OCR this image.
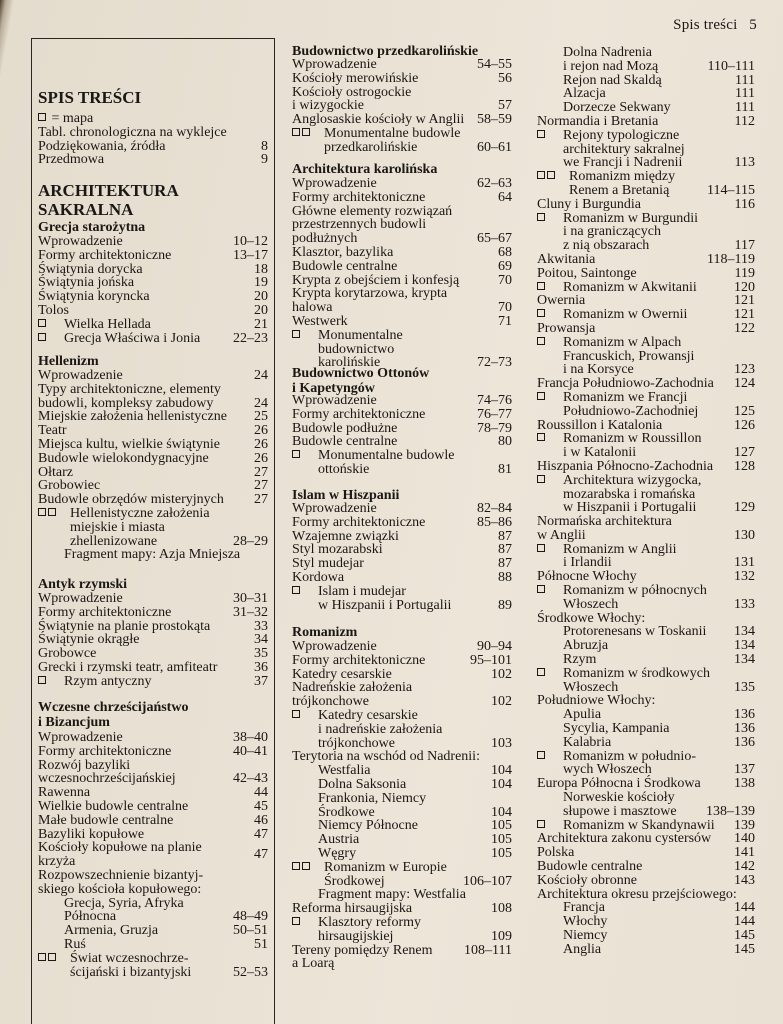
Spis treści 5
SPIS TREŚCI
= mapa
Tabl. chronologiczna na wyklejce
Podziękowania, źródła	8
Przedmowa	9
ARCHITEKTURA
SAKRALNA
Grecja starożytna
Wprowadzenie	10–12
Formy architektoniczne	13–17
Świątynia dorycka	18
Świątynia jońska	19
Świątynia koryncka	20
Tolos	20
Wielka Hellada	21
Grecja Właściwa i Jonia 22–23
Hellenizm
Wprowadzenie	24
Typy architektoniczne, elementy
budowli, kompleksy zabudowy	24
Miejskie założenia hellenistyczne 25
Teatr	26
Miejsca kultu, wielkie świątynie 26
Budowle wielokondygnacyjne	26
Ołtarz	27
Grobowiec	27
Budowle obrzędów misteryjnych 27
Hellenistyczne założenia
miejskie i miasta
zhellenizowane	28–29
Fragment mapy: Azja Mniejsza
Antyk rzymski
Wprowadzenie	30–31
Formy architektoniczne	31–32
Świątynie na planie prostokąta	33
Świątynie okrągłe	34
Grobowce	35
Grecki i rzymski teatr, amfiteatr	36
Rzym antyczny	37
Wczesne chrześcijaństwo
i Bizancjum
Wprowadzenie	38–40
Formy architektoniczne	40–41
Rozwój bazyliki
wczesnochrześcijańskiej	42–43
Rawenna	44
Wielkie budowle centralne	45
Małe budowle centralne	46
Bazyliki kopułowe	47
Kościoły kopułowe na planie
krzyża	47
Rozpowszechnienie bizantyj-
skiego kościoła kopułowego:
Grecja, Syria, Afryka
Północna	48–49
Armenia, Gruzja	50–51
Ruś	51
Świat wczesnochrze-
ścijański i bizantyjski	52–53
Budownictwo przedkarolińskie
Wprowadzenie	54–55
Kościoły merowińskie	56
Kościoły ostrogockie
i wizygockie	57
Anglosaskie kościoły w Anglii 58–59
Monumentalne budowle
przedkarolińskie	60–61
Architektura karolińska
Wprowadzenie	62–63
Formy architektoniczne	64
Główne elementy rozwiązań
przestrzennych budowli
podłużnych	65–67
Klasztor, bazylika	68
Budowle centralne	69
Krypta z obejściem i konfesją	70
Krypta korytarzowa, krypta
halowa	70
Westwerk	71
Monumentalne budownictwo
karolińskie	72–73
Budownictwo Ottonów
i Kapetyngów
Wprowadzenie	74–76
Formy architektoniczne	76–77
Budowle podłużne	78–79
Budowle centralne	80
Monumentalne budowle
ottońskie	81
Islam w Hiszpanii
Wprowadzenie	82–84
Formy architektoniczne	85–86
Wzajemne związki	87
Styl mozarabski	87
Styl mudejar	87
Kordowa	88
Islam i mudejar
w Hiszpanii i Portugalii	89
Romanizm
Wprowadzenie	90–94
Formy architektoniczne	95–101
Katedry cesarskie	102
Nadreńskie założenia
trójkonchowe	102
Katedry cesarskie
i nadreńskie założenia
trójkonchowe	103
Terytoria na wschód od Nadrenii:
Westfalia	104
Dolna Saksonia	104
Frankonia, Niemcy
Środkowe	104
Niemcy Północne	105
Austria	105
Węgry	105
Romanizm w Europie
Środkowej	106–107
Fragment mapy: Westfalia
Reforma hirsaugijska	108
Klasztory reformy
hirsaugijskiej	109
Tereny pomiędzy Renem
a Loarą
108–111
Dolna Nadrenia
i rejon nad Mozą	110–111
Rejon nad Skaldą	111
Alzacja	111
Dorzecze Sekwany	111
Normandia i Bretania	112
Rejony typologiczne
architektury sakralnej
we Francji i Nadrenii	113
Romanizm między
Renem a Bretanią	114–115
Cluny i Burgundia	116
Romanizm w Burgundii
i na graniczących
z nią obszarach	117
Akwitania	118–119
Poitou, Saintonge	119
Romanizm w Akwitanii	120
Owernia	121
Romanizm w Owernii	121
Prowansja	122
Romanizm w Alpach
Francuskich, Prowansji
i na Korsyce	123
Francja Południowo-Zachodnia 124
Romanizm we Francji
Południowo-Zachodniej	125
Roussillon i Katalonia	126
Romanizm w Roussillon
i w Katalonii	127
Hiszpania Północno-Zachodnia 128
Architektura wizygocka,
mozarabska i romańska
w Hiszpanii i Portugalii	129
Normańska architektura
w Anglii	130
Romanizm w Anglii
i Irlandii	131
Północne Włochy	132
Romanizm w północnych
Włoszech	133
Środkowe Włochy:
Protorenesans w Toskanii 134
Abruzja	134
Rzym	134
Romanizm w środkowych
Włoszech	135
Południowe Włochy:
Apulia	136
Sycylia, Kampania	136
Kalabria	136
Romanizm w południo-
wych Włoszech	137
Europa Północna i Środkowa 138
Norweskie kościoły
słupowe i masztowe 138–139
Romanizm w Skandynawii 139
Architektura zakonu cystersów 140
Polska	141
Budowle centralne	142
Kościoły obronne	143
Architektura okresu przejściowego:
Francja	144
Włochy	144
Niemcy	145
Anglia	145
